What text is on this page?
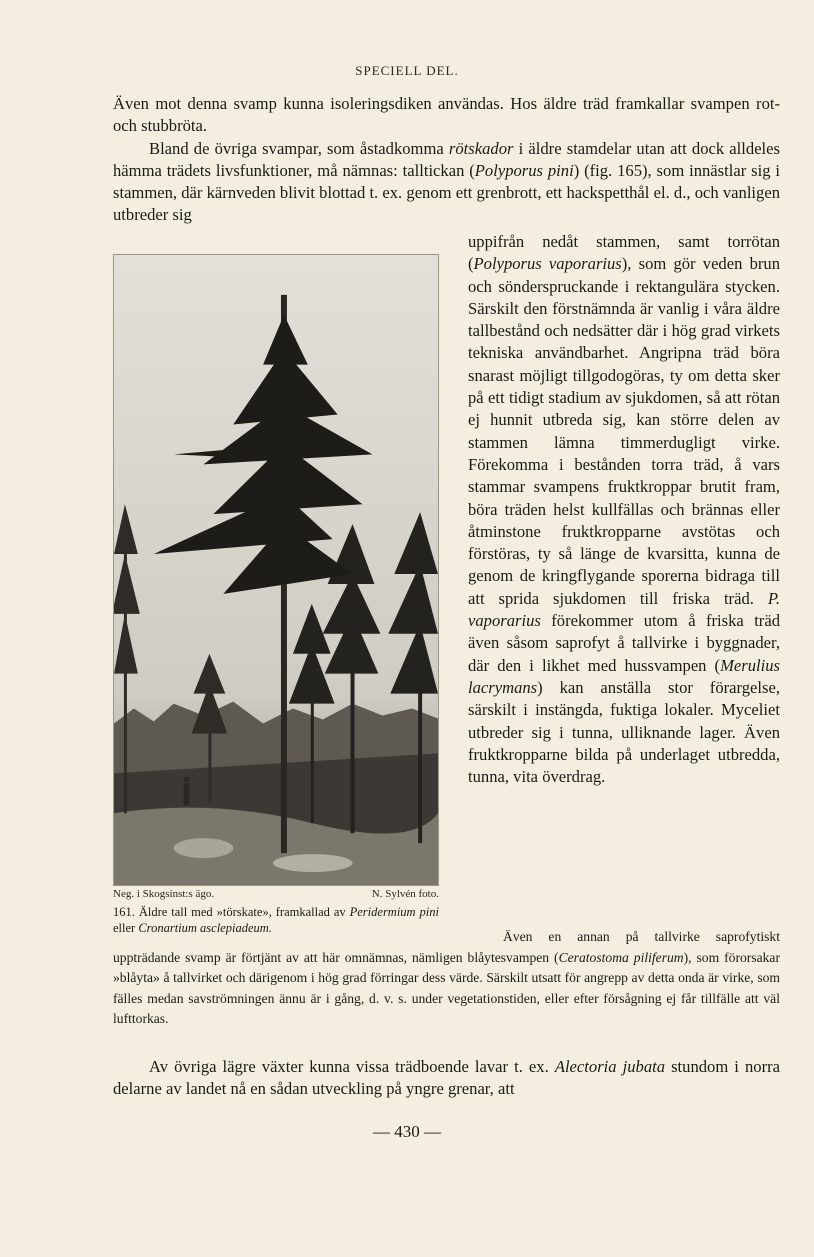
SPECIELL DEL.

Även mot denna svamp kunna isoleringsdiken användas. Hos äldre träd framkallar svampen rot- och stubbröta.

Bland de övriga svampar, som åstadkomma rötskador i äldre stamdelar utan att dock alldeles hämma trädets livsfunktioner, må nämnas: talltickan (Polyporus pini) (fig. 165), som innästlar sig i stammen, där kärnveden blivit blottad t. ex. genom ett grenbrott, ett hackspetthål el. d., och vanligen utbreder sig

Neg. i Skogsinst:s ägo.	N. Sylvén foto.
161. Äldre tall med »törskate», framkallad av Peridermium pini eller Cronartium asclepiadeum.
uppifrån nedåt stammen, samt torrötan (Polyporus vaporarius), som gör veden brun och sönderspruckande i rektangulära stycken. Särskilt den förstnämnda är vanlig i våra äldre tallbestånd och nedsätter där i hög grad virkets tekniska användbarhet. Angripna träd böra snarast möjligt tillgodogöras, ty om detta sker på ett tidigt stadium av sjukdomen, så att rötan ej hunnit utbreda sig, kan större delen av stammen lämna timmerdugligt virke. Förekomma i bestånden torra träd, å vars stammar svampens fruktkroppar brutit fram, böra träden helst kullfällas och brännas eller åtminstone fruktkropparne avstötas och förstöras, ty så länge de kvarsitta, kunna de genom de kringflygande sporerna bidraga till att sprida sjukdomen till friska träd. P. vaporarius förekommer utom å friska träd även såsom saprofyt å tallvirke i byggnader, där den i likhet med hussvampen (Merulius lacrymans) kan anställa stor förargelse, särskilt i instängda, fuktiga lokaler. Myceliet utbreder sig i tunna, ulliknande lager. Även fruktkropparne bilda på underlaget utbredda, tunna, vita överdrag.

Även en annan på tallvirke saprofytiskt uppträdande svamp är förtjänt av att här omnämnas, nämligen blåytesvampen (Ceratostoma piliferum), som förorsakar »blåyta» å tallvirket och därigenom i hög grad förringar dess värde. Särskilt utsatt för angrepp av detta onda är virke, som fälles medan savströmningen ännu är i gång, d. v. s. under vegetationstiden, eller efter försågning ej får tillfälle att väl lufttorkas.

Av övriga lägre växter kunna vissa trädboende lavar t. ex. Alectoria jubata stundom i norra delarne av landet nå en sådan utveckling på yngre grenar, att

— 430 —
